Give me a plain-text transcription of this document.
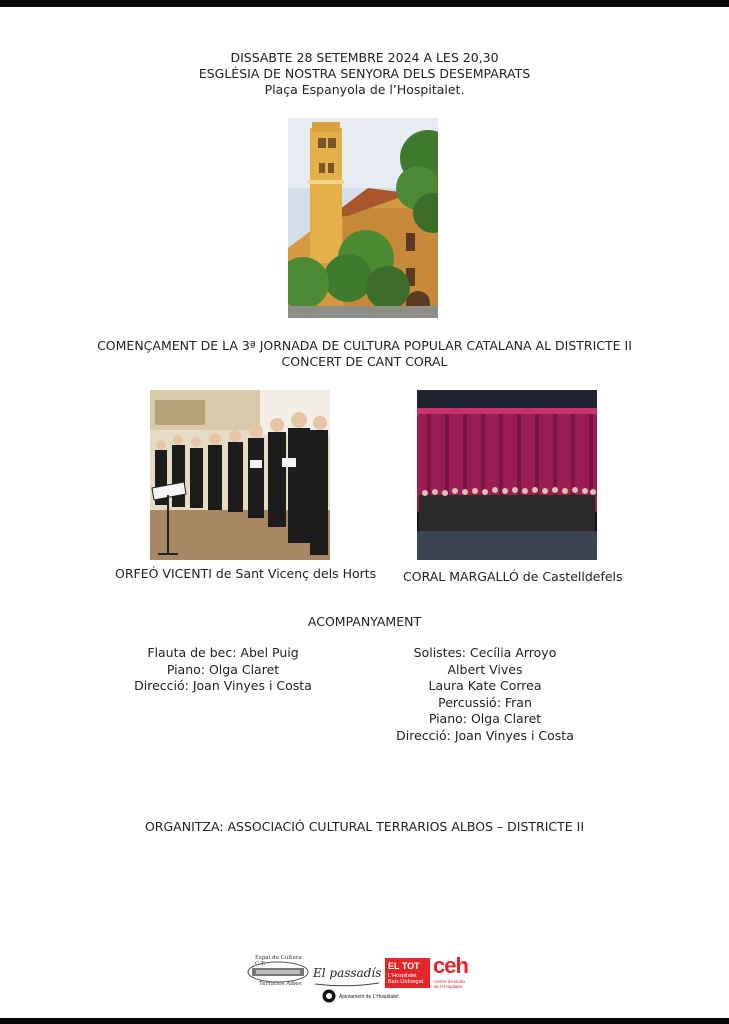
DISSABTE 28 SETEMBRE 2024 A LES 20,30
ESGLÉSIA DE NOSTRA SENYORA DELS DESEMPARATS
Plaça Espanyola de l’Hospitalet.
COMENÇAMENT DE LA 3ª JORNADA DE CULTURA POPULAR CATALANA AL DISTRICTE II
CONCERT DE CANT CORAL
ORFEÓ VICENTI de Sant Vicenç dels Horts CORAL MARGALLÓ de Castelldefels
ACOMPANYAMENT
Flauta de bec: Abel Puig
Piano: Olga Claret
Direcció: Joan Vinyes i Costa
Solistes: Cecília Arroyo
Albert Vives
Laura Kate Correa
Percussió: Fran
Piano: Olga Claret
Direcció: Joan Vinyes i Costa
ORGANITZA: ASSOCIACIÓ CULTURAL TERRARIOS ALBOS – DISTRICTE II
Espai de Cultura C.T.
Terrarios Albos
El passadís EL TOT
L'Hospitalet
Baix Llobregat
ceh
centre d'estudis
de l'Hospitalet
Ajuntament de L'Hospitalet
